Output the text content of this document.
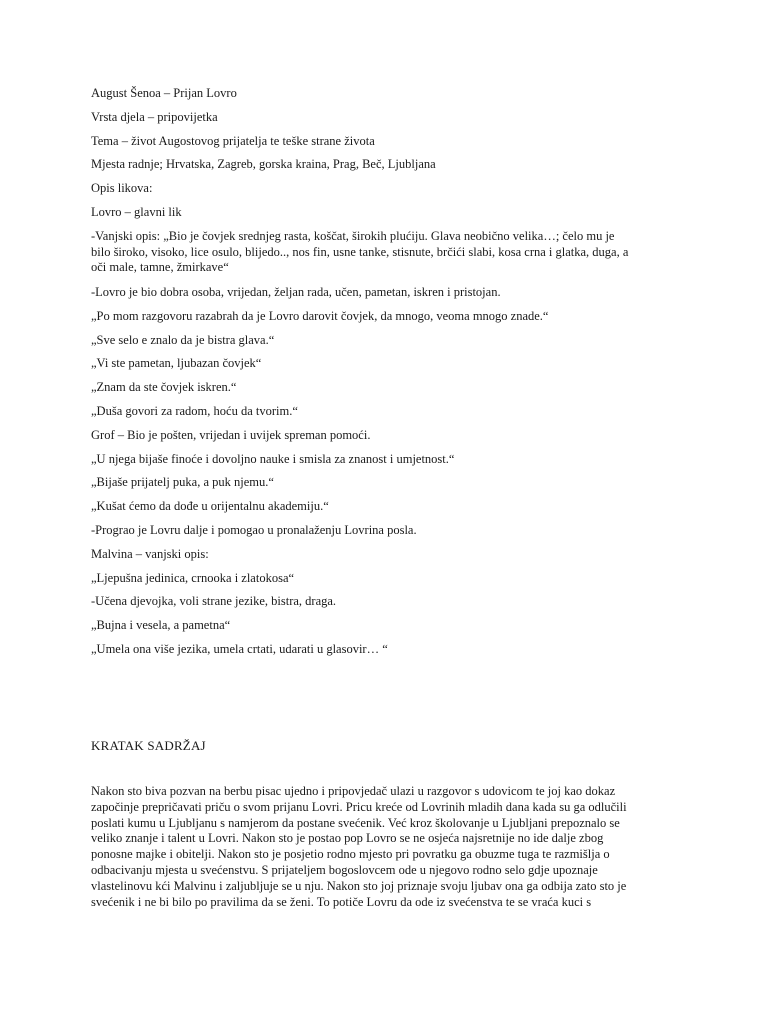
August Šenoa – Prijan Lovro
Vrsta djela – pripovijetka
Tema – život Augostovog prijatelja te teške strane života
Mjesta radnje; Hrvatska, Zagreb, gorska kraina, Prag, Beč, Ljubljana
Opis likova:
Lovro – glavni lik
-Vanjski opis: „Bio je čovjek srednjeg rasta, koščat, širokih plućiju. Glava neobično velika…; čelo mu je
bilo široko, visoko, lice osulo, blijedo.., nos fin, usne tanke, stisnute, brčići slabi, kosa crna i glatka, duga, a
oči male, tamne, žmirkave“
-Lovro je bio dobra osoba, vrijedan, željan rada, učen, pametan, iskren i pristojan.
„Po mom razgovoru razabrah da je Lovro darovit čovjek, da mnogo, veoma mnogo znade.“
„Sve selo e znalo da je bistra glava.“
„Vi ste pametan, ljubazan čovjek“
„Znam da ste čovjek iskren.“
„Duša govori za radom, hoću da tvorim.“
Grof – Bio je pošten, vrijedan i uvijek spreman pomoći.
„U njega bijaše finoće i dovoljno nauke i smisla za znanost i umjetnost.“
„Bijaše prijatelj puka, a puk njemu.“
„Kušat ćemo da dođe u orijentalnu akademiju.“
-Prograo je Lovru dalje i pomogao u pronalaženju Lovrina posla.
Malvina – vanjski opis:
„Ljepušna jedinica, crnooka i zlatokosa“
-Učena djevojka, voli strane jezike, bistra, draga.
„Bujna i vesela, a pametna“
„Umela ona više jezika, umela crtati, udarati u glasovir… “
KRATAK SADRŽAJ
Nakon sto biva pozvan na berbu pisac ujedno i pripovjedač ulazi u razgovor s udovicom te joj kao dokaz
započinje prepričavati priču o svom prijanu Lovri. Pricu kreće od Lovrinih mladih dana kada su ga odlučili
poslati kumu u Ljubljanu s namjerom da postane svećenik. Već kroz školovanje u Ljubljani prepoznalo se
veliko znanje i talent u Lovri. Nakon sto je postao pop Lovro se ne osjeća najsretnije no ide dalje zbog
ponosne majke i obitelji. Nakon sto je posjetio rodno mjesto pri povratku ga obuzme tuga te razmišlja o
odbacivanju mjesta u svećenstvu. S prijateljem bogoslovcem ode u njegovo rodno selo gdje upoznaje
vlastelinovu kći Malvinu i zaljubljuje se u nju. Nakon sto joj priznaje svoju ljubav ona ga odbija zato sto je
svećenik i ne bi bilo po pravilima da se ženi. To potiče Lovru da ode iz svećenstva te se vraća kuci s
